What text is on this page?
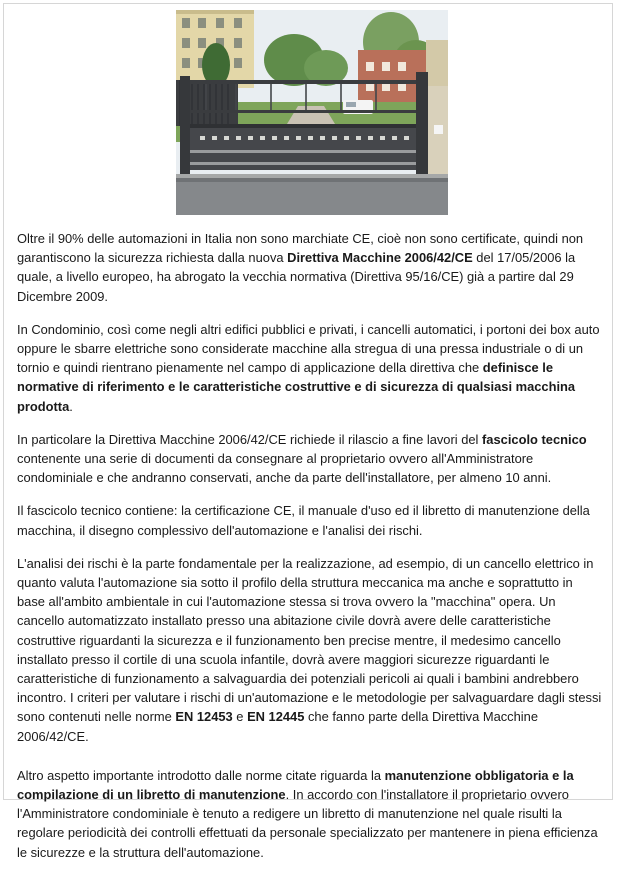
Oltre il 90% delle automazioni in Italia non sono marchiate CE, cioè non sono certificate, quindi non garantiscono la sicurezza richiesta dalla nuova Direttiva Macchine 2006/42/CE del 17/05/2006 la quale, a livello europeo, ha abrogato la vecchia normativa (Direttiva 95/16/CE) già a partire dal 29 Dicembre 2009.

In Condominio, così come negli altri edifici pubblici e privati, i cancelli automatici, i portoni dei box auto oppure le sbarre elettriche sono considerate macchine alla stregua di una pressa industriale o di un tornio e quindi rientrano pienamente nel campo di applicazione della direttiva che definisce le normative di riferimento e le caratteristiche costruttive e di sicurezza di qualsiasi macchina prodotta.

In particolare la Direttiva Macchine 2006/42/CE richiede il rilascio a fine lavori del fascicolo tecnico contenente una serie di documenti da consegnare al proprietario ovvero all'Amministratore condominiale e che andranno conservati, anche da parte dell'installatore, per almeno 10 anni.

Il fascicolo tecnico contiene: la certificazione CE, il manuale d'uso ed il libretto di manutenzione della macchina, il disegno complessivo dell'automazione e l'analisi dei rischi.

L'analisi dei rischi è la parte fondamentale per la realizzazione, ad esempio, di un cancello elettrico in quanto valuta l'automazione sia sotto il profilo della struttura meccanica ma anche e soprattutto in base all'ambito ambientale in cui l'automazione stessa si trova ovvero la "macchina" opera. Un cancello automatizzato installato presso una abitazione civile dovrà avere delle caratteristiche costruttive riguardanti la sicurezza e il funzionamento ben precise mentre, il medesimo cancello installato presso il cortile di una scuola infantile, dovrà avere maggiori sicurezze riguardanti le caratteristiche di funzionamento a salvaguardia dei potenziali pericoli ai quali i bambini andrebbero incontro. I criteri per valutare i rischi di un'automazione e le metodologie per salvaguardare dagli stessi sono contenuti nelle norme EN 12453 e EN 12445 che fanno parte della Direttiva Macchine 2006/42/CE.

Altro aspetto importante introdotto dalle norme citate riguarda la manutenzione obbligatoria e la compilazione di un libretto di manutenzione. In accordo con l'installatore il proprietario ovvero l'Amministratore condominiale è tenuto a redigere un libretto di manutenzione nel quale risulti la regolare periodicità dei controlli effettuati da personale specializzato per mantenere in piena efficienza le sicurezze e la struttura dell'automazione.
